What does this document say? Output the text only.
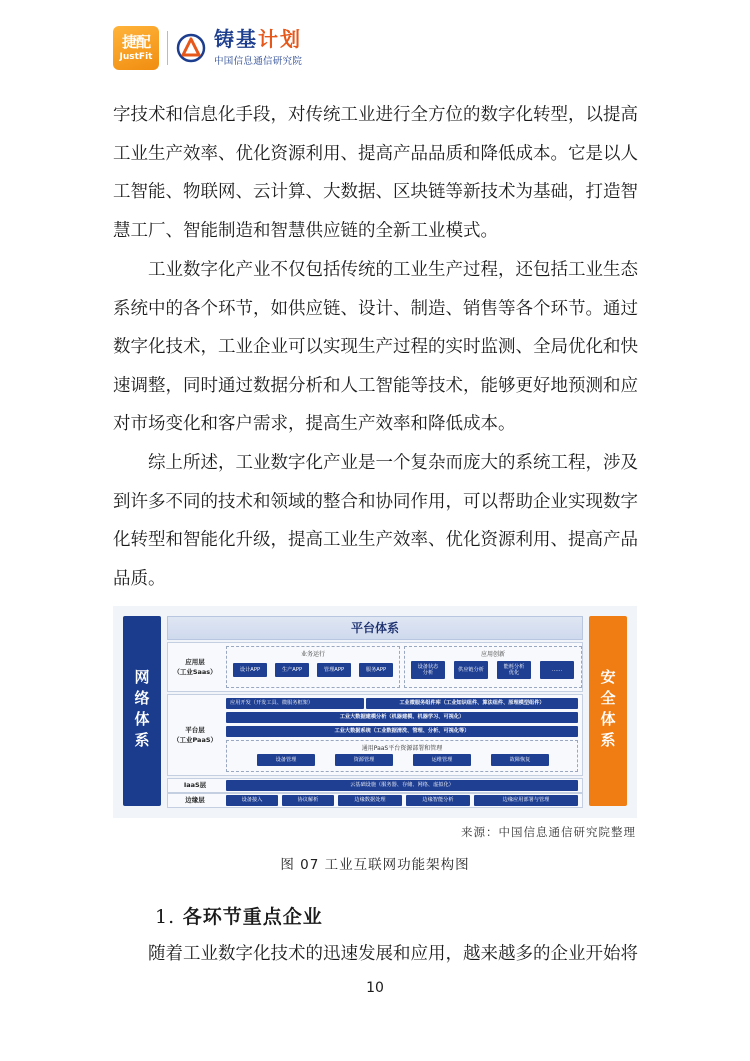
捷配
JustFit
铸基计划
中国信息通信研究院
字技术和信息化手段，对传统工业进行全方位的数字化转型，以提高
工业生产效率、优化资源利用、提高产品品质和降低成本。它是以人
工智能、物联网、云计算、大数据、区块链等新技术为基础，打造智
慧工厂、智能制造和智慧供应链的全新工业模式。
工业数字化产业不仅包括传统的工业生产过程，还包括工业生态
系统中的各个环节，如供应链、设计、制造、销售等各个环节。通过
数字化技术，工业企业可以实现生产过程的实时监测、全局优化和快
速调整，同时通过数据分析和人工智能等技术，能够更好地预测和应
对市场变化和客户需求，提高生产效率和降低成本。
综上所述，工业数字化产业是一个复杂而庞大的系统工程，涉及
到许多不同的技术和领域的整合和协同作用，可以帮助企业实现数字
化转型和智能化升级，提高工业生产效率、优化资源利用、提高产品
品质。
网络体系	安全体系
平台体系
应用层
（工业Saas）
业务运行
设计APP	生产APP	管理APP	服务APP
应用创新
设备状态
分析
供应链分析
能耗分析
优化
……
平台层
（工业PaaS）
应用开发（开发工具、微服务框架）	工业微服务组件库（工业知识组件、算法组件、原理模型组件）
工业大数据建模分析（机器建模、机器学习、可视化）
工业大数据系统（工业数据清洗、管理、分析、可视化等）
通用PaaS平台资源部署和管理
设备管理	资源管理	运维管理	故障恢复
IaaS层	云基础设施（服务器、存储、网络、虚拟化）
边缘层	设备接入	协议解析	边缘数据处理	边缘智能分析	边缘应用部署与管理
来源：中国信息通信研究院整理
图 07 工业互联网功能架构图
1. 各环节重点企业
随着工业数字化技术的迅速发展和应用，越来越多的企业开始将
10
